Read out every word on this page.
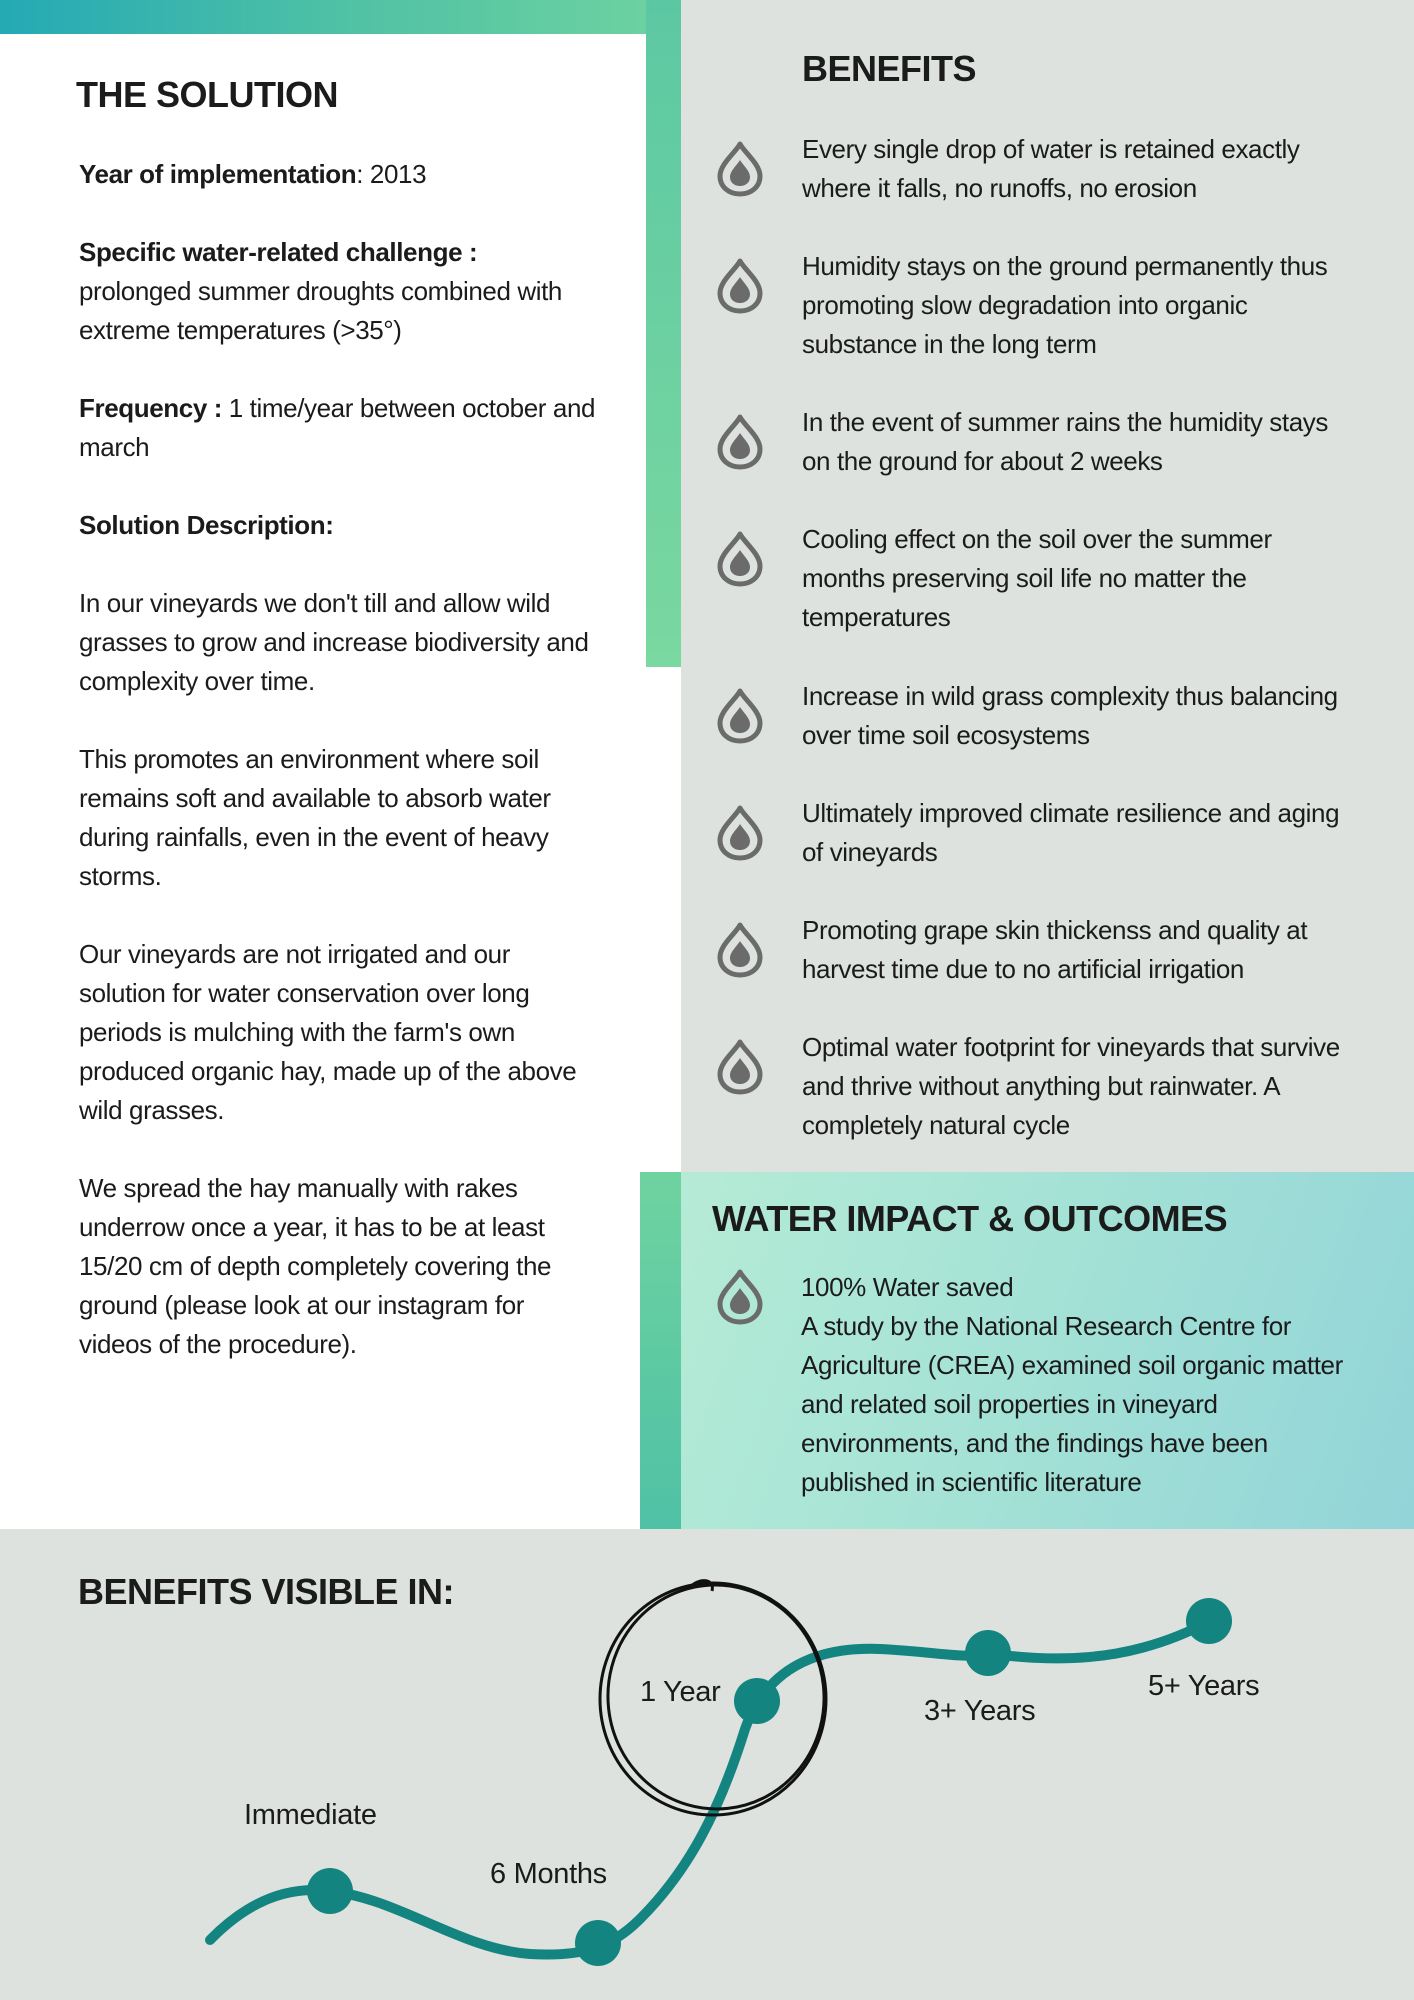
THE SOLUTION

Year of implementation: 2013

Specific water-related challenge :
prolonged summer droughts combined with extreme temperatures (>35°)

Frequency : 1 time/year between october and march

Solution Description:

In our vineyards we don't till and allow wild grasses to grow and increase biodiversity and complexity over time.

This promotes an environment where soil remains soft and available to absorb water during rainfalls, even in the event of heavy storms.

Our vineyards are not irrigated and our solution for water conservation over long periods is mulching with the farm's own produced organic hay, made up of the above wild grasses.

We spread the hay manually with rakes underrow once a year, it has to be at least 15/20 cm of depth completely covering the ground (please look at our instagram for videos of the procedure).

BENEFITS
Every single drop of water is retained exactly where it falls, no runoffs, no erosion
Humidity stays on the ground permanently thus promoting slow degradation into organic substance in the long term
In the event of summer rains the humidity stays on the ground for about 2 weeks
Cooling effect on the soil over the summer months preserving soil life no matter the temperatures
Increase in wild grass complexity thus balancing over time soil ecosystems
Ultimately improved climate resilience and aging of vineyards
Promoting grape skin thickenss and quality at harvest time due to no artificial irrigation
Optimal water footprint for vineyards that survive and thrive without anything but rainwater. A completely natural cycle
WATER IMPACT & OUTCOMES
100% Water saved
A study by the National Research Centre for Agriculture (CREA) examined soil organic matter and related soil properties in vineyard environments, and the findings have been published in scientific literature
BENEFITS VISIBLE IN:
Immediate
6 Months
1 Year
3+ Years
5+ Years
